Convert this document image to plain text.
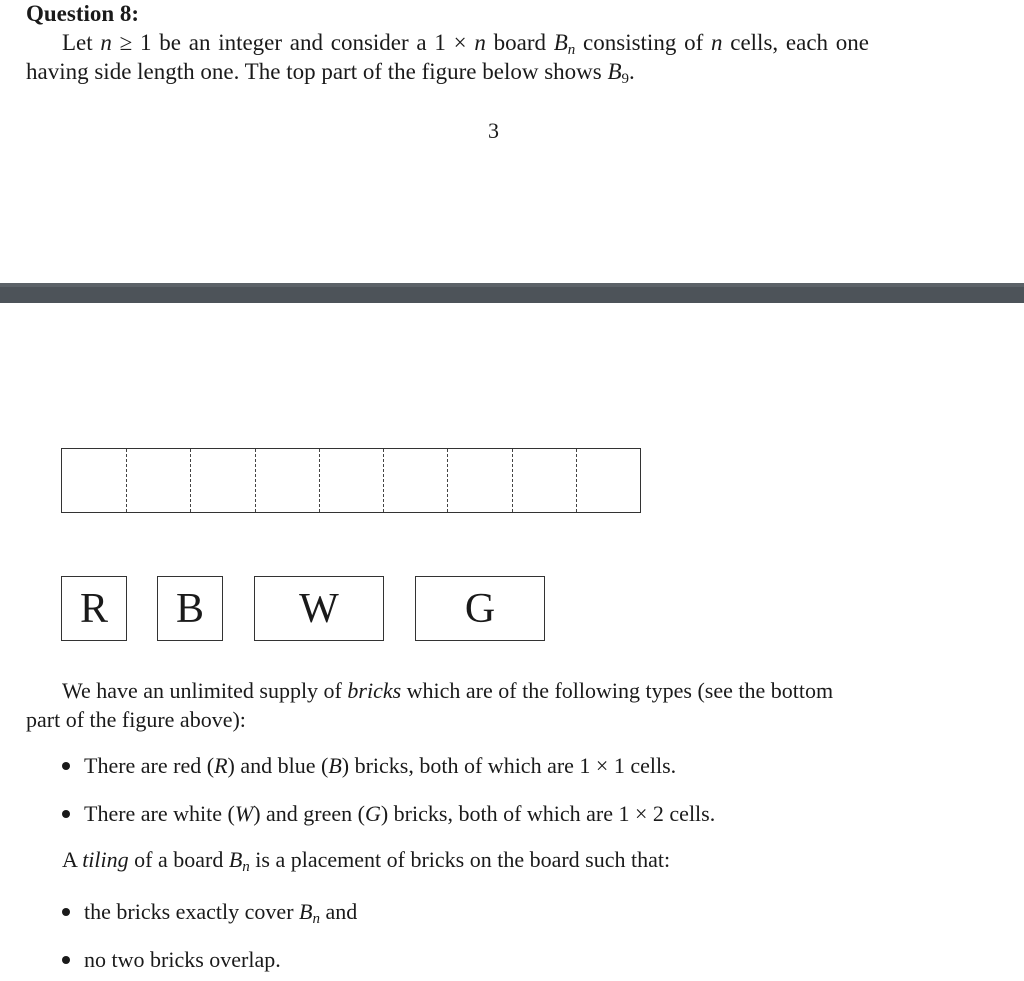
Question 8:
Let n ≥ 1 be an integer and consider a 1 × n board $B_n$ consisting of n cells, each one
having side length one. The top part of the figure below shows $B_9$.
3
R B W	G
We have an unlimited supply of bricks which are of the following types (see the bottom
part of the figure above):
There are red (R) and blue (B) bricks, both of which are 1 × 1 cells.
There are white (W) and green (G) bricks, both of which are 1 × 2 cells.
A tiling of a board $B_n$ is a placement of bricks on the board such that:
the bricks exactly cover $B_n$ and
no two bricks overlap.
